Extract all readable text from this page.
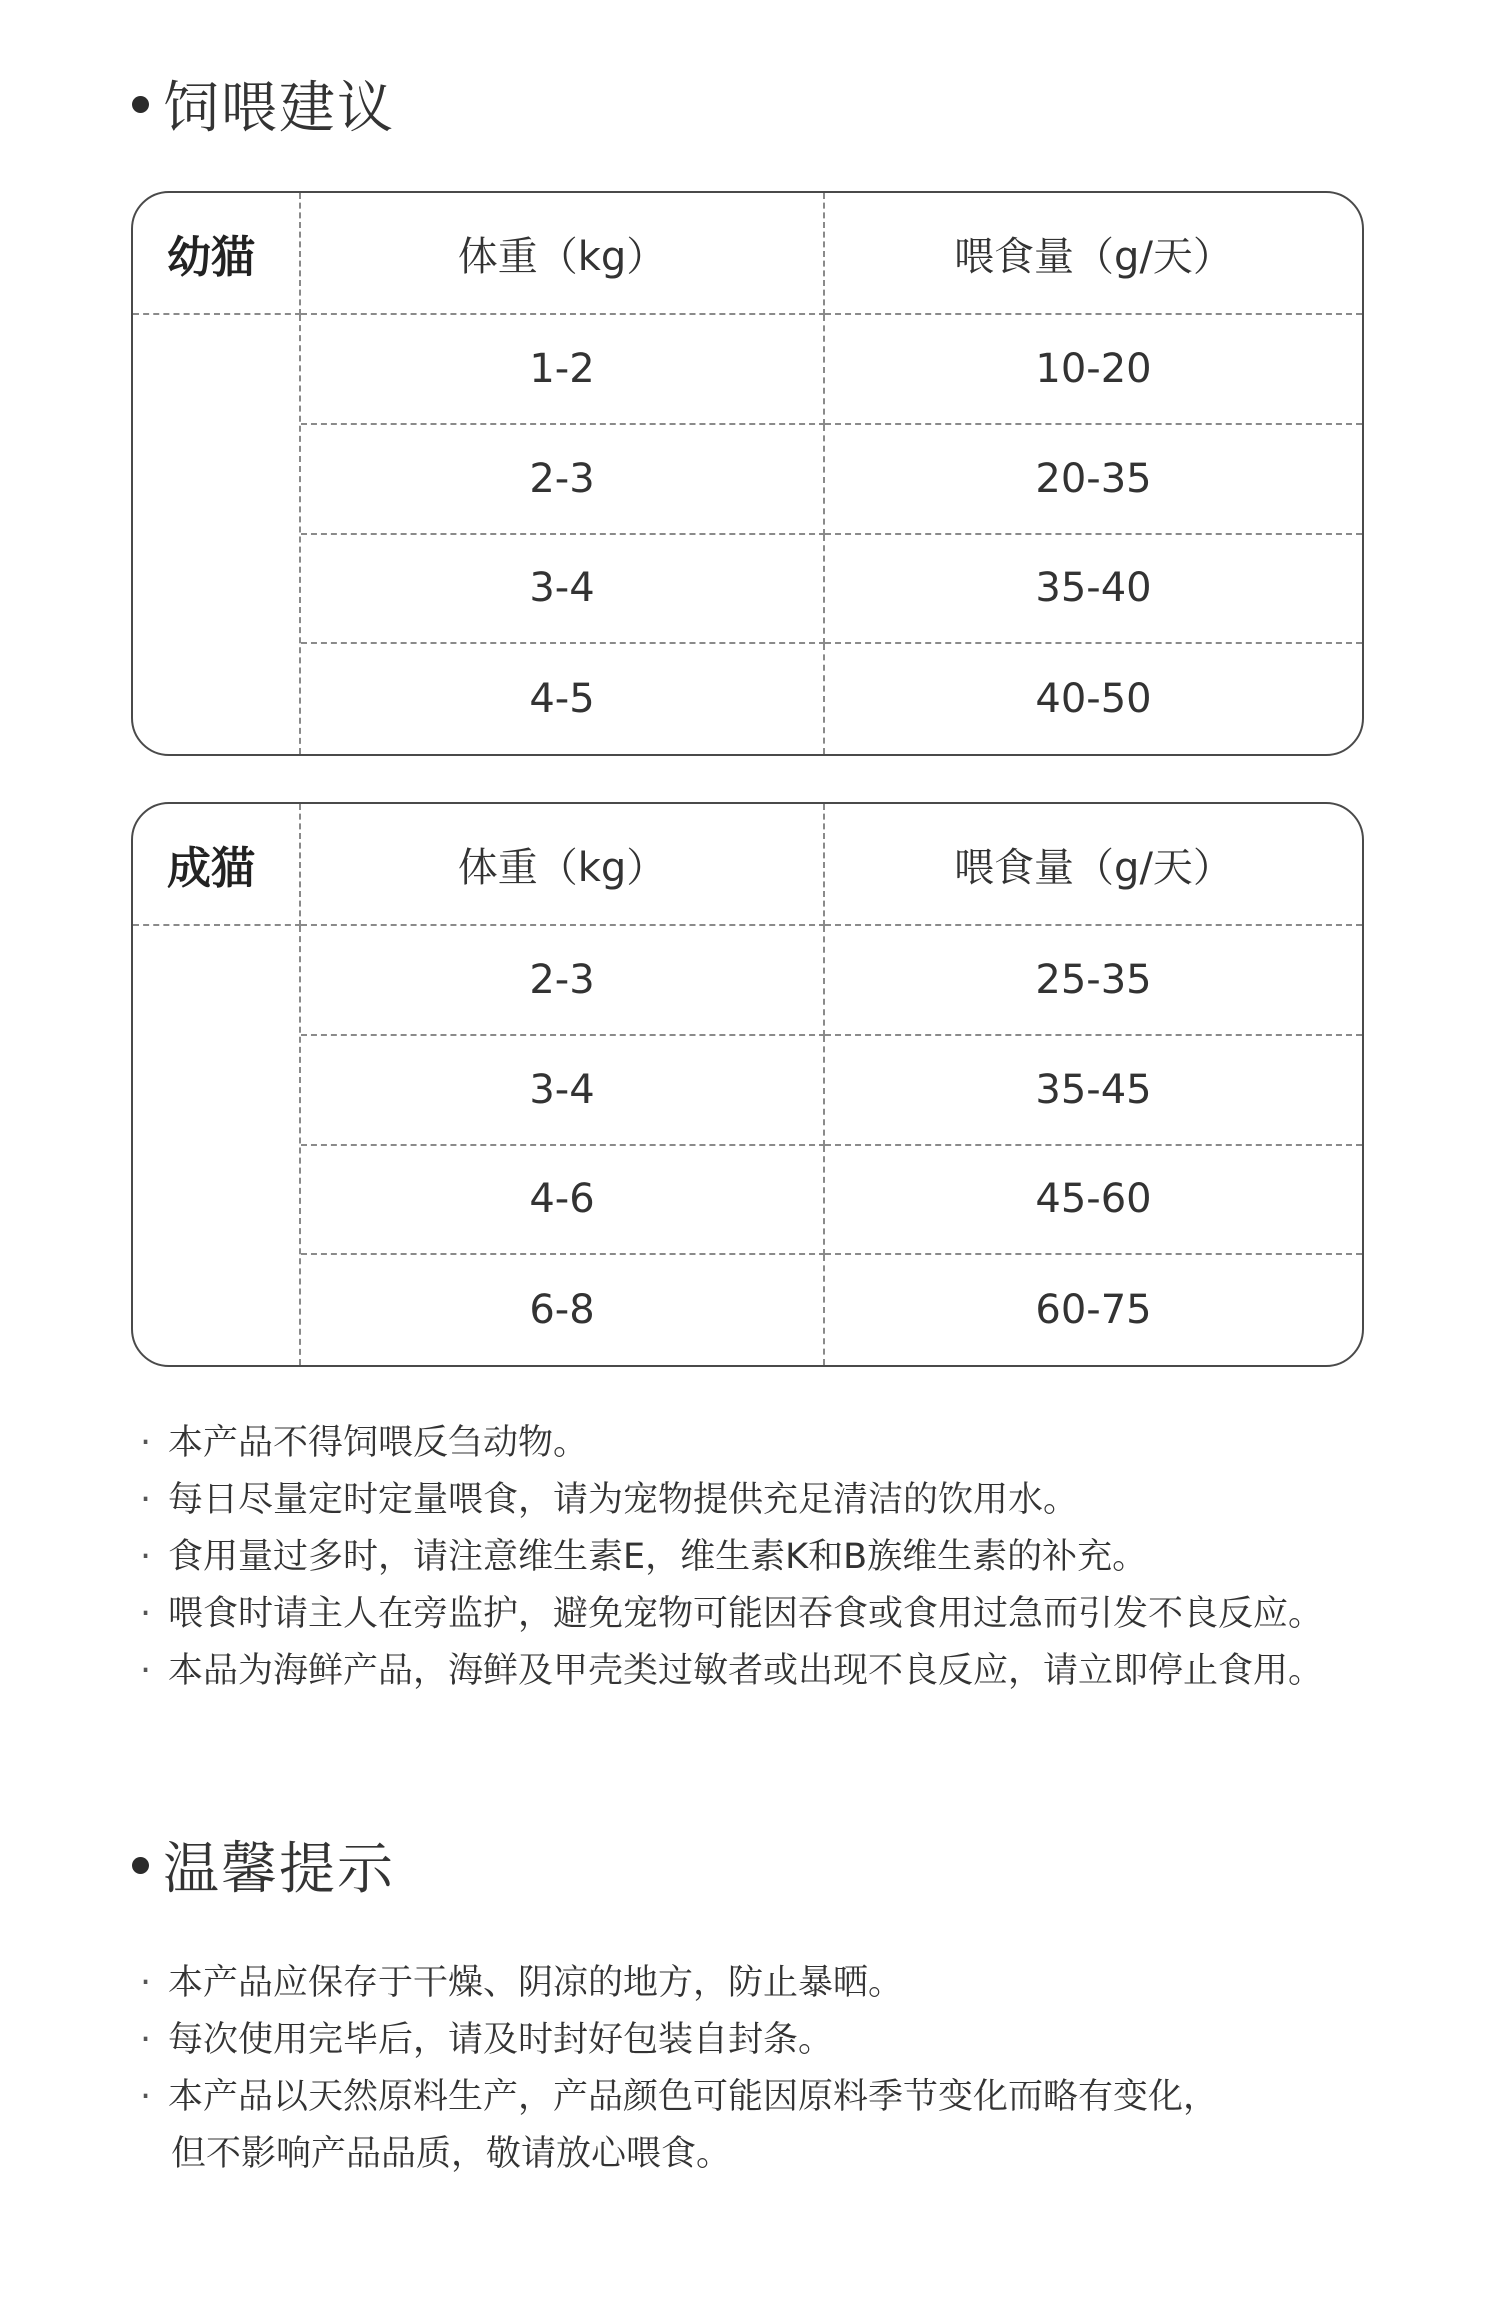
饲喂建议
幼猫	体重（kg）	喂食量（g/天）
1-2	10-20
2-3	20-35
3-4	35-40
4-5	40-50
成猫	体重（kg）	喂食量（g/天）
2-3	25-35
3-4	35-45
4-6	45-60
6-8	60-75
· 本产品不得饲喂反刍动物。
· 每日尽量定时定量喂食，请为宠物提供充足清洁的饮用水。
· 食用量过多时，请注意维生素E，维生素K和B族维生素的补充。
· 喂食时请主人在旁监护，避免宠物可能因吞食或食用过急而引发不良反应。
· 本品为海鲜产品，海鲜及甲壳类过敏者或出现不良反应，请立即停止食用。
温馨提示
· 本产品应保存于干燥、阴凉的地方，防止暴晒。
· 每次使用完毕后，请及时封好包装自封条。
· 本产品以天然原料生产，产品颜色可能因原料季节变化而略有变化，
但不影响产品品质，敬请放心喂食。
